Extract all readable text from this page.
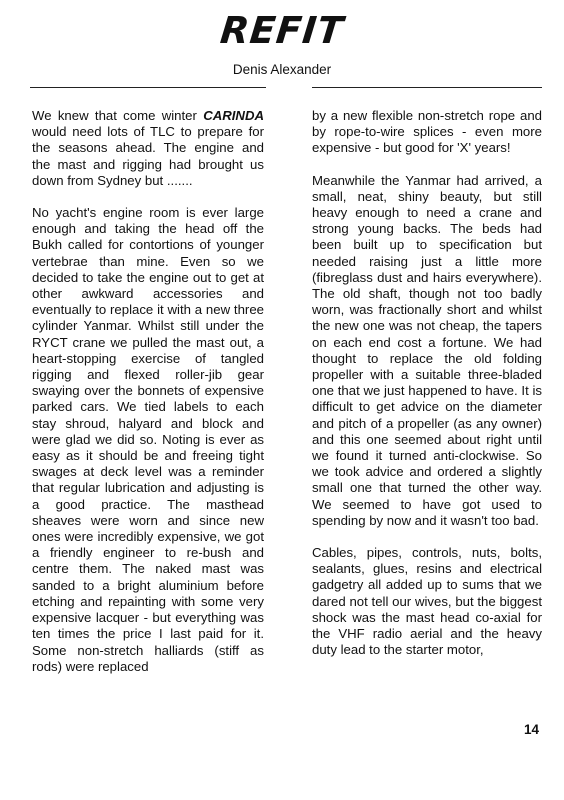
REFIT
Denis Alexander

We knew that come winter CARINDA would need lots of TLC to prepare for the seasons ahead. The engine and the mast and rigging had brought us down from Sydney but .......

No yacht's engine room is ever large enough and taking the head off the Bukh called for contortions of younger vertebrae than mine. Even so we decided to take the engine out to get at other awkward accessories and eventually to replace it with a new three cylinder Yanmar. Whilst still under the RYCT crane we pulled the mast out, a heart-stopping exercise of tangled rigging and flexed roller-jib gear swaying over the bonnets of expensive parked cars. We tied labels to each stay shroud, halyard and block and were glad we did so. Noting is ever as easy as it should be and freeing tight swages at deck level was a reminder that regular lubrication and adjusting is a good practice. The masthead sheaves were worn and since new ones were incredibly expensive, we got a friendly engineer to re-bush and centre them. The naked mast was sanded to a bright aluminium before etching and repainting with some very expensive lacquer - but everything was ten times the price I last paid for it. Some non-stretch halliards (stiff as rods) were replaced

by a new flexible non-stretch rope and by rope-to-wire splices - even more expensive - but good for 'X' years!

Meanwhile the Yanmar had arrived, a small, neat, shiny beauty, but still heavy enough to need a crane and strong young backs. The beds had been built up to specification but needed raising just a little more (fibreglass dust and hairs everywhere). The old shaft, though not too badly worn, was fractionally short and whilst the new one was not cheap, the tapers on each end cost a fortune. We had thought to replace the old folding propeller with a suitable three-bladed one that we just happened to have. It is difficult to get advice on the diameter and pitch of a propeller (as any owner) and this one seemed about right until we found it turned anti-clockwise. So we took advice and ordered a slightly small one that turned the other way. We seemed to have got used to spending by now and it wasn't too bad.

Cables, pipes, controls, nuts, bolts, sealants, glues, resins and electrical gadgetry all added up to sums that we dared not tell our wives, but the biggest shock was the mast head co-axial for the VHF radio aerial and the heavy duty lead to the starter motor,

14
